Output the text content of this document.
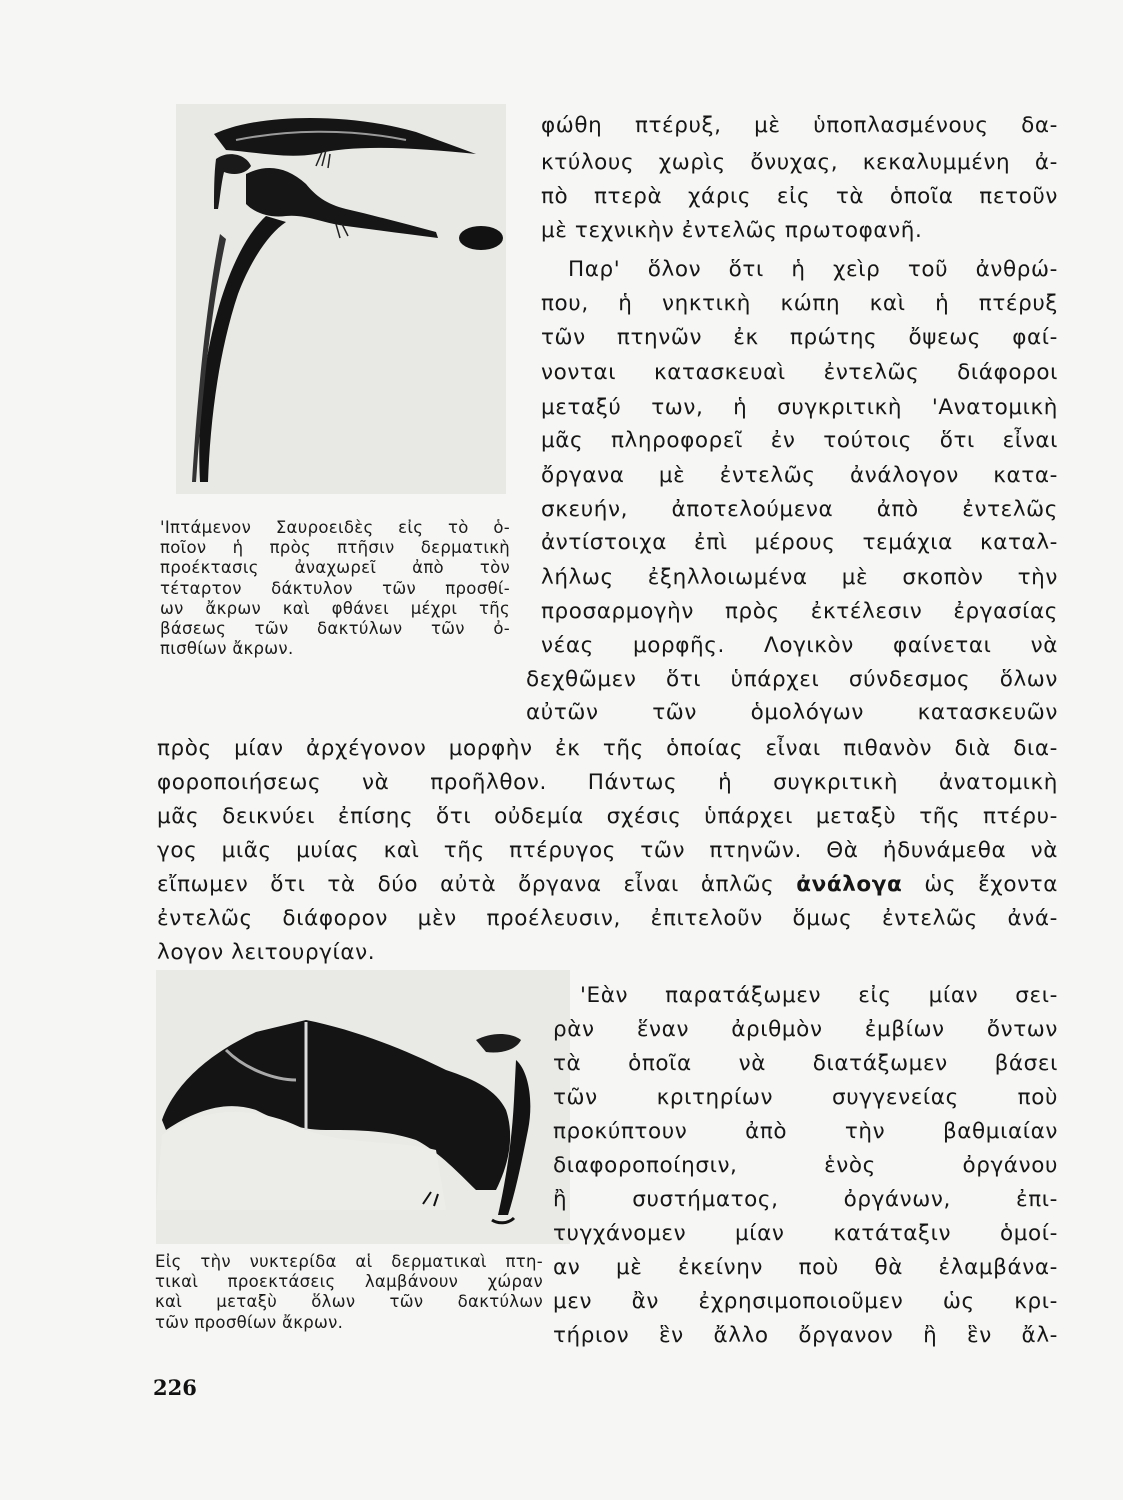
'Ιπτάμενον Σαυροειδὲς εἰς τὸ ὁ-
ποῖον ἡ πρὸς πτῆσιν δερματικὴ
προέκτασις ἀναχωρεῖ ἀπὸ τὸν
τέταρτον δάκτυλον τῶν προσθί-
ων ἄκρων καὶ φθάνει μέχρι τῆς
βάσεως τῶν δακτύλων τῶν ὀ-
πισθίων ἄκρων.
φώθη πτέρυξ, μὲ ὑποπλασμένους δα-
κτύλους χωρὶς ὄνυχας, κεκαλυμμένη ἀ-
πὸ πτερὰ χάρις εἰς τὰ ὁποῖα πετοῦν
μὲ τεχνικὴν ἐντελῶς πρωτοφανῆ.
Παρ' ὅλον ὅτι ἡ χεὶρ τοῦ ἀνθρώ-
που, ἡ νηκτικὴ κώπη καὶ ἡ πτέρυξ
τῶν πτηνῶν ἐκ πρώτης ὄψεως φαί-
νονται κατασκευαὶ ἐντελῶς διάφοροι
μεταξύ των, ἡ συγκριτικὴ 'Ανατομικὴ
μᾶς πληροφορεῖ ἐν τούτοις ὅτι εἶναι
ὄργανα μὲ ἐντελῶς ἀνάλογον κατα-
σκευήν, ἀποτελούμενα ἀπὸ ἐντελῶς
ἀντίστοιχα ἐπὶ μέρους τεμάχια καταλ-
λήλως ἐξηλλοιωμένα μὲ σκοπὸν τὴν
προσαρμογὴν πρὸς ἐκτέλεσιν ἐργασίας
νέας μορφῆς. Λογικὸν φαίνεται νὰ
δεχθῶμεν ὅτι ὑπάρχει σύνδεσμος ὅλων
αὐτῶν τῶν ὁμολόγων κατασκευῶν
πρὸς μίαν ἀρχέγονον μορφὴν ἐκ τῆς ὁποίας εἶναι πιθανὸν διὰ δια-
φοροποιήσεως νὰ προῆλθον. Πάντως ἡ συγκριτικὴ ἀνατομικὴ
μᾶς δεικνύει ἐπίσης ὅτι οὐδεμία σχέσις ὑπάρχει μεταξὺ τῆς πτέρυ-
γος μιᾶς μυίας καὶ τῆς πτέρυγος τῶν πτηνῶν. Θὰ ἠδυνάμεθα νὰ
εἴπωμεν ὅτι τὰ δύο αὐτὰ ὄργανα εἶναι ἁπλῶς ἀνάλογα ὡς ἔχοντα
ἐντελῶς διάφορον μὲν προέλευσιν, ἐπιτελοῦν ὅμως ἐντελῶς ἀνά-
λογον λειτουργίαν.
Εἰς τὴν νυκτερίδα αἱ δερματικαὶ πτη-
τικαὶ προεκτάσεις λαμβάνουν χώραν
καὶ μεταξὺ ὅλων τῶν δακτύλων
τῶν προσθίων ἄκρων.
'Εὰν παρατάξωμεν εἰς μίαν σει-
ρὰν ἕναν ἀριθμὸν ἐμβίων ὄντων
τὰ ὁποῖα νὰ διατάξωμεν βάσει
τῶν κριτηρίων συγγενείας ποὺ
προκύπτουν ἀπὸ τὴν βαθμιαίαν
διαφοροποίησιν, ἑνὸς ὀργάνου
ἢ συστήματος, ὀργάνων, ἐπι-
τυγχάνομεν μίαν κατάταξιν ὁμοί-
αν μὲ ἐκείνην ποὺ θὰ ἐλαμβάνα-
μεν ἂν ἐχρησιμοποιοῦμεν ὡς κρι-
τήριον ἓν ἄλλο ὄργανον ἢ ἓν ἄλ-
226
